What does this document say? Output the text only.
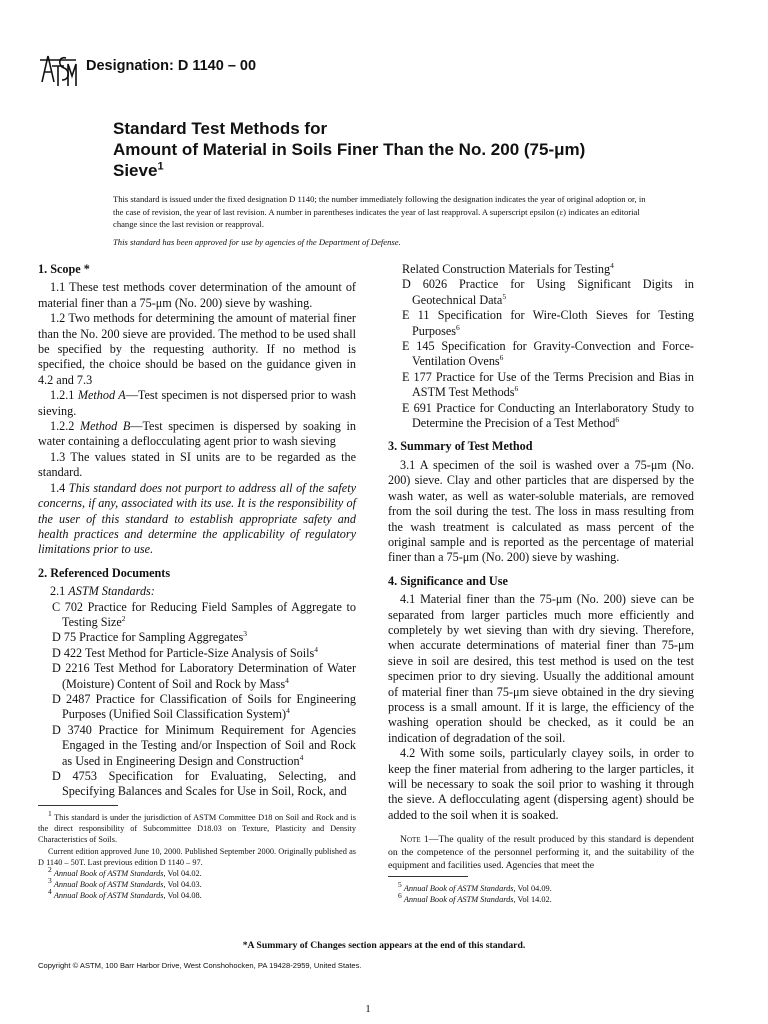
Designation: D 1140 – 00
Standard Test Methods for
Amount of Material in Soils Finer Than the No. 200 (75-μm)
Sieve$^1$
This standard is issued under the fixed designation D 1140; the number immediately following the designation indicates the year of original adoption or, in the case of revision, the year of last revision. A number in parentheses indicates the year of last reapproval. A superscript epsilon (ε) indicates an editorial change since the last revision or reapproval.
This standard has been approved for use by agencies of the Department of Defense.

1. Scope *

1.1 These test methods cover determination of the amount of material finer than a 75-μm (No. 200) sieve by washing.

1.2 Two methods for determining the amount of material finer than the No. 200 sieve are provided. The method to be used shall be specified by the requesting authority. If no method is specified, the choice should be based on the guidance given in 4.2 and 7.3

1.2.1 Method A—Test specimen is not dispersed prior to wash sieving.

1.2.2 Method B—Test specimen is dispersed by soaking in water containing a deflocculating agent prior to wash sieving

1.3 The values stated in SI units are to be regarded as the standard.

1.4 This standard does not purport to address all of the safety concerns, if any, associated with its use. It is the responsibility of the user of this standard to establish appropriate safety and health practices and determine the applicability of regulatory limitations prior to use.

2. Referenced Documents

2.1 ASTM Standards:

C 702 Practice for Reducing Field Samples of Aggregate to Testing Size$^2$

D 75 Practice for Sampling Aggregates$^3$

D 422 Test Method for Particle-Size Analysis of Soils$^4$

D 2216 Test Method for Laboratory Determination of Water (Moisture) Content of Soil and Rock by Mass$^4$

D 2487 Practice for Classification of Soils for Engineering Purposes (Unified Soil Classification System)$^4$

D 3740 Practice for Minimum Requirement for Agencies Engaged in the Testing and/or Inspection of Soil and Rock as Used in Engineering Design and Construction$^4$

D 4753 Specification for Evaluating, Selecting, and Specifying Balances and Scales for Use in Soil, Rock, and

Related Construction Materials for Testing$^4$

D 6026 Practice for Using Significant Digits in Geotechnical Data$^5$

E 11 Specification for Wire-Cloth Sieves for Testing Purposes$^6$

E 145 Specification for Gravity-Convection and Force-Ventilation Ovens$^6$

E 177 Practice for Use of the Terms Precision and Bias in ASTM Test Methods$^6$

E 691 Practice for Conducting an Interlaboratory Study to Determine the Precision of a Test Method$^6$

3. Summary of Test Method

3.1 A specimen of the soil is washed over a 75-μm (No. 200) sieve. Clay and other particles that are dispersed by the wash water, as well as water-soluble materials, are removed from the soil during the test. The loss in mass resulting from the wash treatment is calculated as mass percent of the original sample and is reported as the percentage of material finer than a 75-μm (No. 200) sieve by washing.

4. Significance and Use

4.1 Material finer than the 75-μm (No. 200) sieve can be separated from larger particles much more efficiently and completely by wet sieving than with dry sieving. Therefore, when accurate determinations of material finer than 75-μm sieve in soil are desired, this test method is used on the test specimen prior to dry sieving. Usually the additional amount of material finer than 75-μm sieve obtained in the dry sieving process is a small amount. If it is large, the efficiency of the washing operation should be checked, as it could be an indication of degradation of the soil.

4.2 With some soils, particularly clayey soils, in order to keep the finer material from adhering to the larger particles, it will be necessary to soak the soil prior to washing it through the sieve. A deflocculating agent (dispersing agent) should be added to the soil when it is soaked.

Note 1—The quality of the result produced by this standard is dependent on the competence of the personnel performing it, and the suitability of the equipment and facilities used. Agencies that meet the

$^1$ This standard is under the jurisdiction of ASTM Committee D18 on Soil and Rock and is the direct responsibility of Subcommittee D18.03 on Texture, Plasticity and Density Characteristics of Soils.

Current edition approved June 10, 2000. Published September 2000. Originally published as D 1140 – 50T. Last previous edition D 1140 – 97.

$^2$ Annual Book of ASTM Standards, Vol 04.02.

$^3$ Annual Book of ASTM Standards, Vol 04.03.

$^4$ Annual Book of ASTM Standards, Vol 04.08.

$^5$ Annual Book of ASTM Standards, Vol 04.09.

$^6$ Annual Book of ASTM Standards, Vol 14.02.

*A Summary of Changes section appears at the end of this standard.
Copyright © ASTM, 100 Barr Harbor Drive, West Conshohocken, PA 19428-2959, United States.
1
